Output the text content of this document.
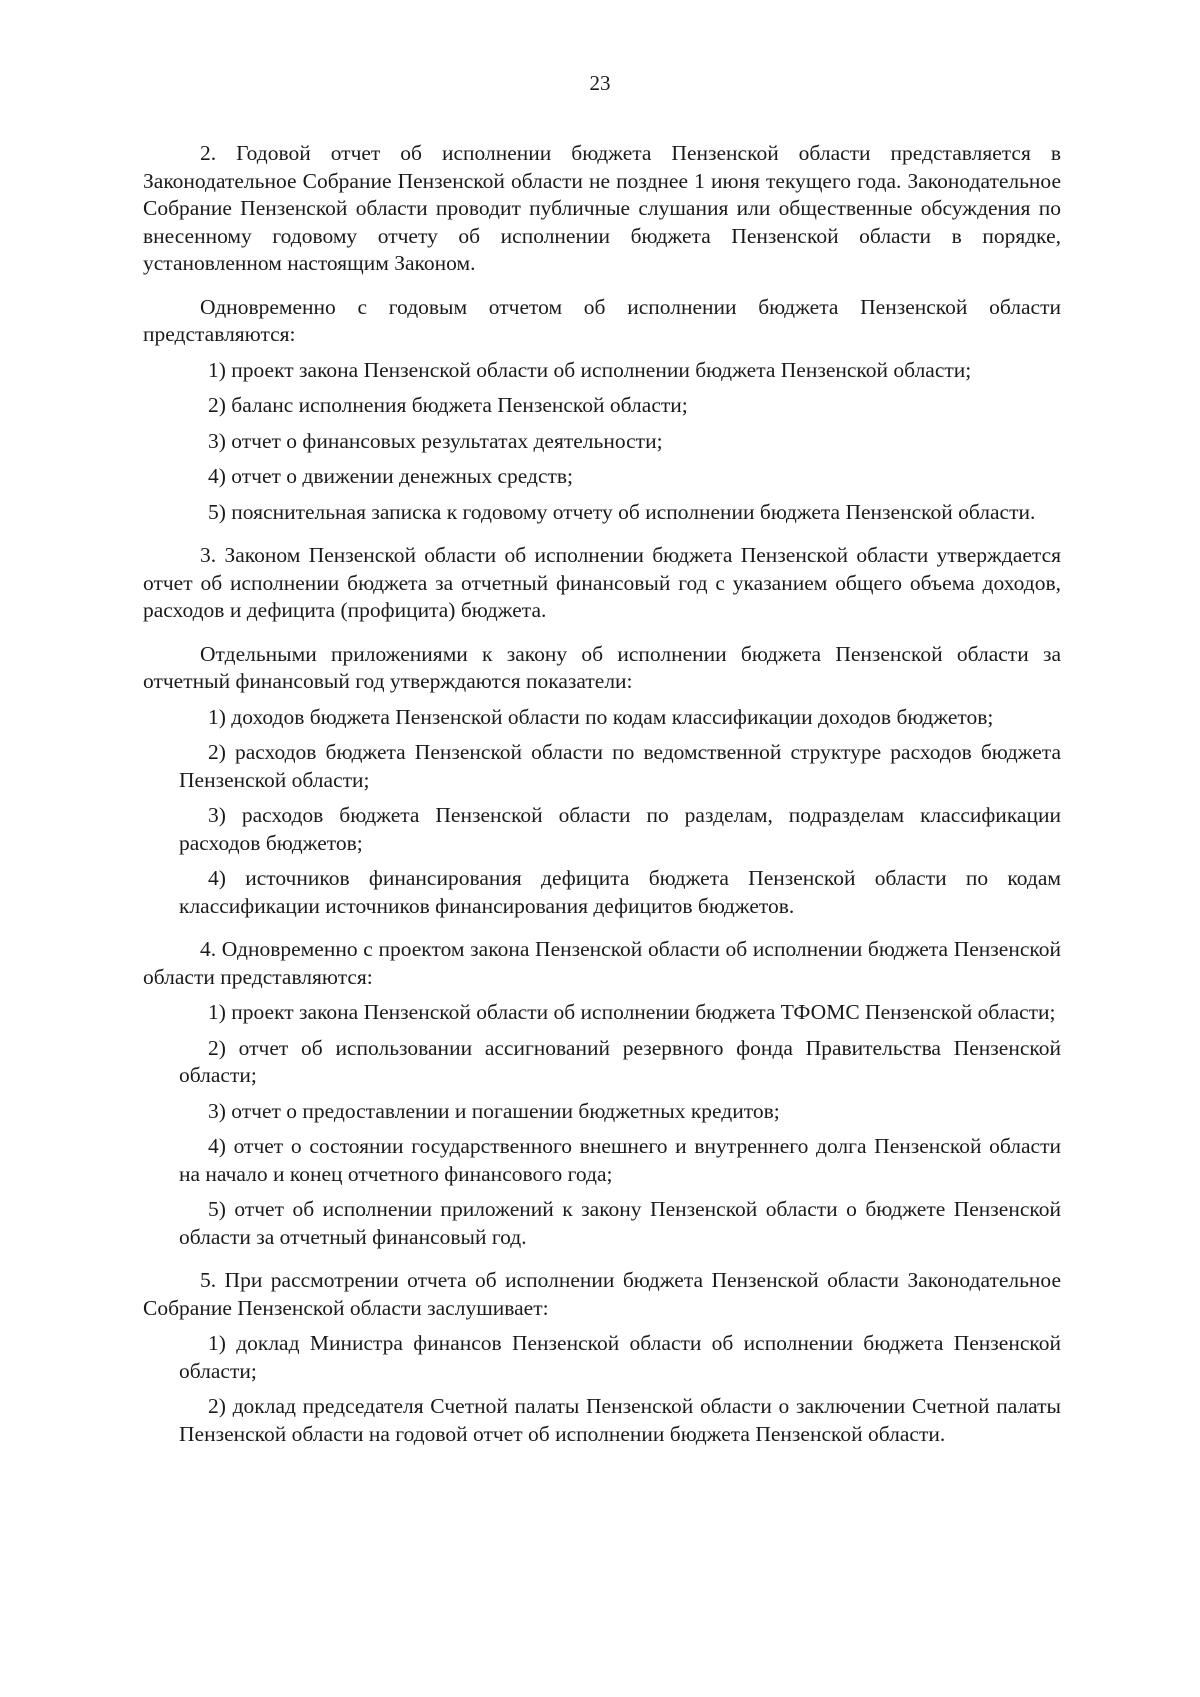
23

2. Годовой отчет об исполнении бюджета Пензенской области представляется в Законодательное Собрание Пензенской области не позднее 1 июня текущего года. Законодательное Собрание Пензенской области проводит публичные слушания или общественные обсуждения по внесенному годовому отчету об исполнении бюджета Пензенской области в порядке, установленном настоящим Законом.

Одновременно с годовым отчетом об исполнении бюджета Пензенской области представляются:

1) проект закона Пензенской области об исполнении бюджета Пензенской области;

2) баланс исполнения бюджета Пензенской области;

3) отчет о финансовых результатах деятельности;

4) отчет о движении денежных средств;

5) пояснительная записка к годовому отчету об исполнении бюджета Пензенской области.

3. Законом Пензенской области об исполнении бюджета Пензенской области утверждается отчет об исполнении бюджета за отчетный финансовый год с указанием общего объема доходов, расходов и дефицита (профицита) бюджета.

Отдельными приложениями к закону об исполнении бюджета Пензенской области за отчетный финансовый год утверждаются показатели:

1) доходов бюджета Пензенской области по кодам классификации доходов бюджетов;

2) расходов бюджета Пензенской области по ведомственной структуре расходов бюджета Пензенской области;

3) расходов бюджета Пензенской области по разделам, подразделам классификации расходов бюджетов;

4) источников финансирования дефицита бюджета Пензенской области по кодам классификации источников финансирования дефицитов бюджетов.

4. Одновременно с проектом закона Пензенской области об исполнении бюджета Пензенской области представляются:

1) проект закона Пензенской области об исполнении бюджета ТФОМС Пензенской области;

2) отчет об использовании ассигнований резервного фонда Правительства Пензенской области;

3) отчет о предоставлении и погашении бюджетных кредитов;

4) отчет о состоянии государственного внешнего и внутреннего долга Пензенской области на начало и конец отчетного финансового года;

5) отчет об исполнении приложений к закону Пензенской области о бюджете Пензенской области за отчетный финансовый год.

5. При рассмотрении отчета об исполнении бюджета Пензенской области Законодательное Собрание Пензенской области заслушивает:

1) доклад Министра финансов Пензенской области об исполнении бюджета Пензенской области;

2) доклад председателя Счетной палаты Пензенской области о заключении Счетной палаты Пензенской области на годовой отчет об исполнении бюджета Пензенской области.
